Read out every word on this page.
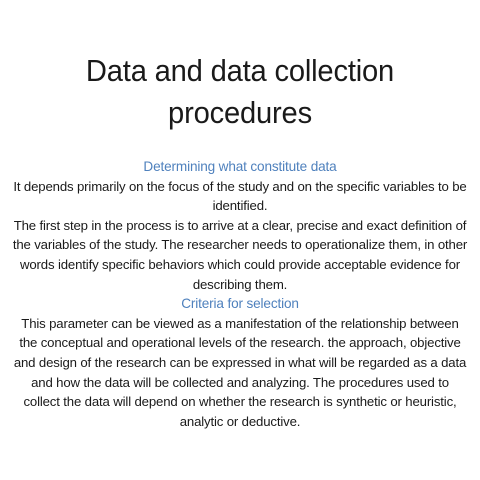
Data and data collection
procedures

Determining what constitute data

It depends primarily on the focus of the study and on the specific variables to be identified.

The first step in the process is to arrive at a clear, precise and exact definition of the variables of the study. The researcher needs to operationalize them, in other words identify specific behaviors which could provide acceptable evidence for describing them.

Criteria for selection

This parameter can be viewed as a manifestation of the relationship between the conceptual and operational levels of the research. the approach, objective and design of the research can be expressed in what will be regarded as a data and how the data will be collected and analyzing. The procedures used to collect the data will depend on whether the research is synthetic or heuristic, analytic or deductive.
